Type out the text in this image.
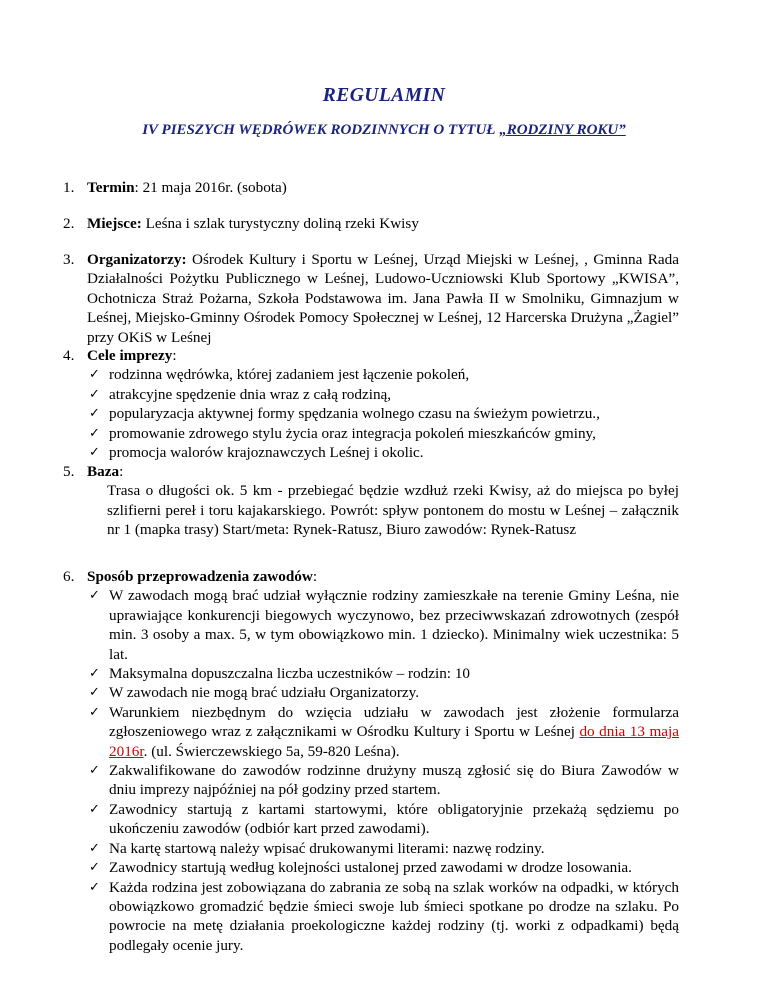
REGULAMIN
IV PIESZYCH WĘDRÓWEK RODZINNYCH O TYTUŁ „RODZINY ROKU”
1. Termin: 21 maja 2016r. (sobota)
2. Miejsce: Leśna i szlak turystyczny doliną rzeki Kwisy
3. Organizatorzy: Ośrodek Kultury i Sportu w Leśnej, Urząd Miejski w Leśnej, , Gminna Rada Działalności Pożytku Publicznego w Leśnej, Ludowo-Uczniowski Klub Sportowy „KWISA”, Ochotnicza Straż Pożarna, Szkoła Podstawowa im. Jana Pawła II w Smolniku, Gimnazjum w Leśnej, Miejsko-Gminny Ośrodek Pomocy Społecznej w Leśnej, 12 Harcerska Drużyna „Żagiel” przy OKiS w Leśnej
4. Cele imprezy:
✓ rodzinna wędrówka, której zadaniem jest łączenie pokoleń,
✓ atrakcyjne spędzenie dnia wraz z całą rodziną,
✓ popularyzacja aktywnej formy spędzania wolnego czasu na świeżym powietrzu.,
✓ promowanie zdrowego stylu życia oraz integracja pokoleń mieszkańców gminy,
✓ promocja walorów krajoznawczych Leśnej i okolic.
5. Baza:
Trasa o długości ok. 5 km - przebiegać będzie wzdłuż rzeki Kwisy, aż do miejsca po byłej szlifierni pereł i toru kajakarskiego. Powrót: spływ pontonem do mostu w Leśnej – załącznik nr 1 (mapka trasy) Start/meta: Rynek-Ratusz, Biuro zawodów: Rynek-Ratusz
6. Sposób przeprowadzenia zawodów:
✓ W zawodach mogą brać udział wyłącznie rodziny zamieszkałe na terenie Gminy Leśna, nie uprawiające konkurencji biegowych wyczynowo, bez przeciwwskazań zdrowotnych (zespół min. 3 osoby a max. 5, w tym obowiązkowo min. 1 dziecko). Minimalny wiek uczestnika: 5 lat.
✓ Maksymalna dopuszczalna liczba uczestników – rodzin: 10
✓ W zawodach nie mogą brać udziału Organizatorzy.
✓ Warunkiem niezbędnym do wzięcia udziału w zawodach jest złożenie formularza zgłoszeniowego wraz z załącznikami w Ośrodku Kultury i Sportu w Leśnej do dnia 13 maja 2016r. (ul. Świerczewskiego 5a, 59-820 Leśna).
✓ Zakwalifikowane do zawodów rodzinne drużyny muszą zgłosić się do Biura Zawodów w dniu imprezy najpóźniej na pół godziny przed startem.
✓ Zawodnicy startują z kartami startowymi, które obligatoryjnie przekażą sędziemu po ukończeniu zawodów (odbiór kart przed zawodami).
✓ Na kartę startową należy wpisać drukowanymi literami: nazwę rodziny.
✓ Zawodnicy startują według kolejności ustalonej przed zawodami w drodze losowania.
✓ Każda rodzina jest zobowiązana do zabrania ze sobą na szlak worków na odpadki, w których obowiązkowo gromadzić będzie śmieci swoje lub śmieci spotkane po drodze na szlaku. Po powrocie na metę działania proekologiczne każdej rodziny (tj. worki z odpadkami) będą podlegały ocenie jury.
